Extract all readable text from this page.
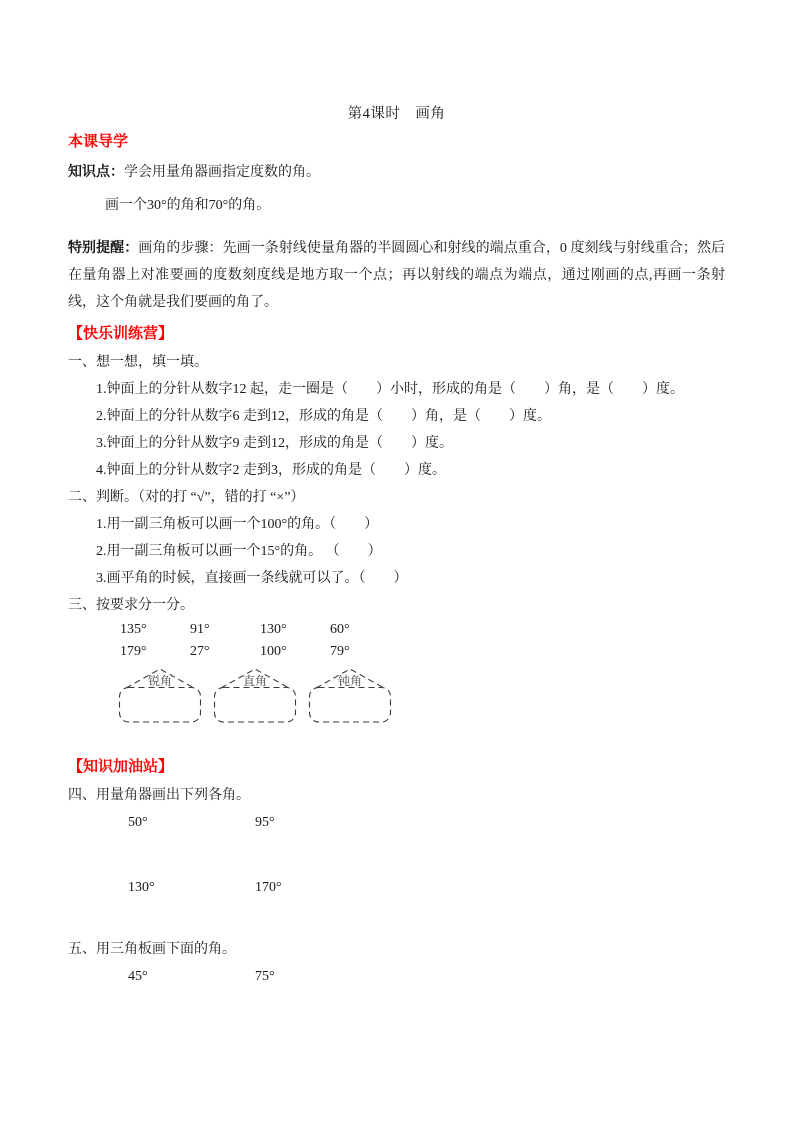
第4课时　画角
本课导学

知识点：学会用量角器画指定度数的角。

画一个30°的角和70°的角。

特别提醒：画角的步骤：先画一条射线使量角器的半圆圆心和射线的端点重合，0 度刻线与射线重合；然后在量角器上对准要画的度数刻度线是地方取一个点；再以射线的端点为端点，通过刚画的点,再画一条射线，这个角就是我们要画的角了。

【快乐训练营】

一、想一想，填一填。

1.钟面上的分针从数字12 起，走一圈是（　　）小时，形成的角是（　　）角，是（　　）度。

2.钟面上的分针从数字6 走到12，形成的角是（　　）角，是（　　）度。

3.钟面上的分针从数字9 走到12，形成的角是（　　）度。

4.钟面上的分针从数字2 走到3，形成的角是（　　）度。

二、判断。（对的打 “√”，错的打 “×”）

1.用一副三角板可以画一个100°的角。（　　）

2.用一副三角板可以画一个15°的角。 （　　）

3.画平角的时候，直接画一条线就可以了。（　　）

三、按要求分一分。

135°	91°	130°	60°
179°	27°	100°	79°
锐角	直角	钝角
【知识加油站】

四、用量角器画出下列各角。

50°	95°
130°	170°

五、用三角板画下面的角。

45°	75°
